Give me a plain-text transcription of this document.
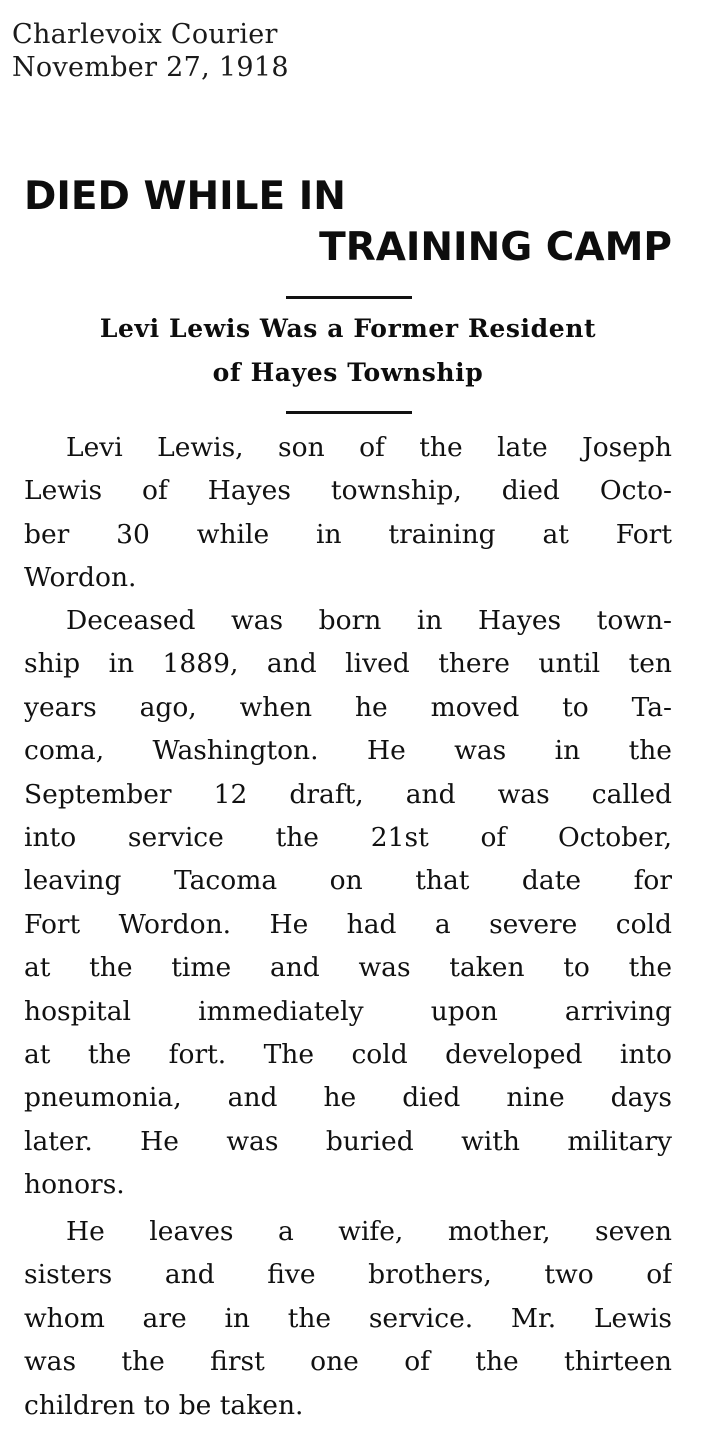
Charlevoix Courier
November 27, 1918
DIED WHILE IN
TRAINING CAMP
Levi Lewis Was a Former Resident
of Hayes Township
Levi Lewis, son of the late Joseph
Lewis of Hayes township, died Octo-
ber 30 while in training at Fort
Wordon.
Deceased was born in Hayes town-
ship in 1889, and lived there until ten
years ago, when he moved to Ta-
coma, Washington. He was in the
September 12 draft, and was called
into service the 21st of October,
leaving Tacoma on that date for
Fort Wordon. He had a severe cold
at the time and was taken to the
hospital immediately upon arriving
at the fort. The cold developed into
pneumonia, and he died nine days
later. He was buried with military
honors.
He leaves a wife, mother, seven
sisters and five brothers, two of
whom are in the service. Mr. Lewis
was the first one of the thirteen
children to be taken.
